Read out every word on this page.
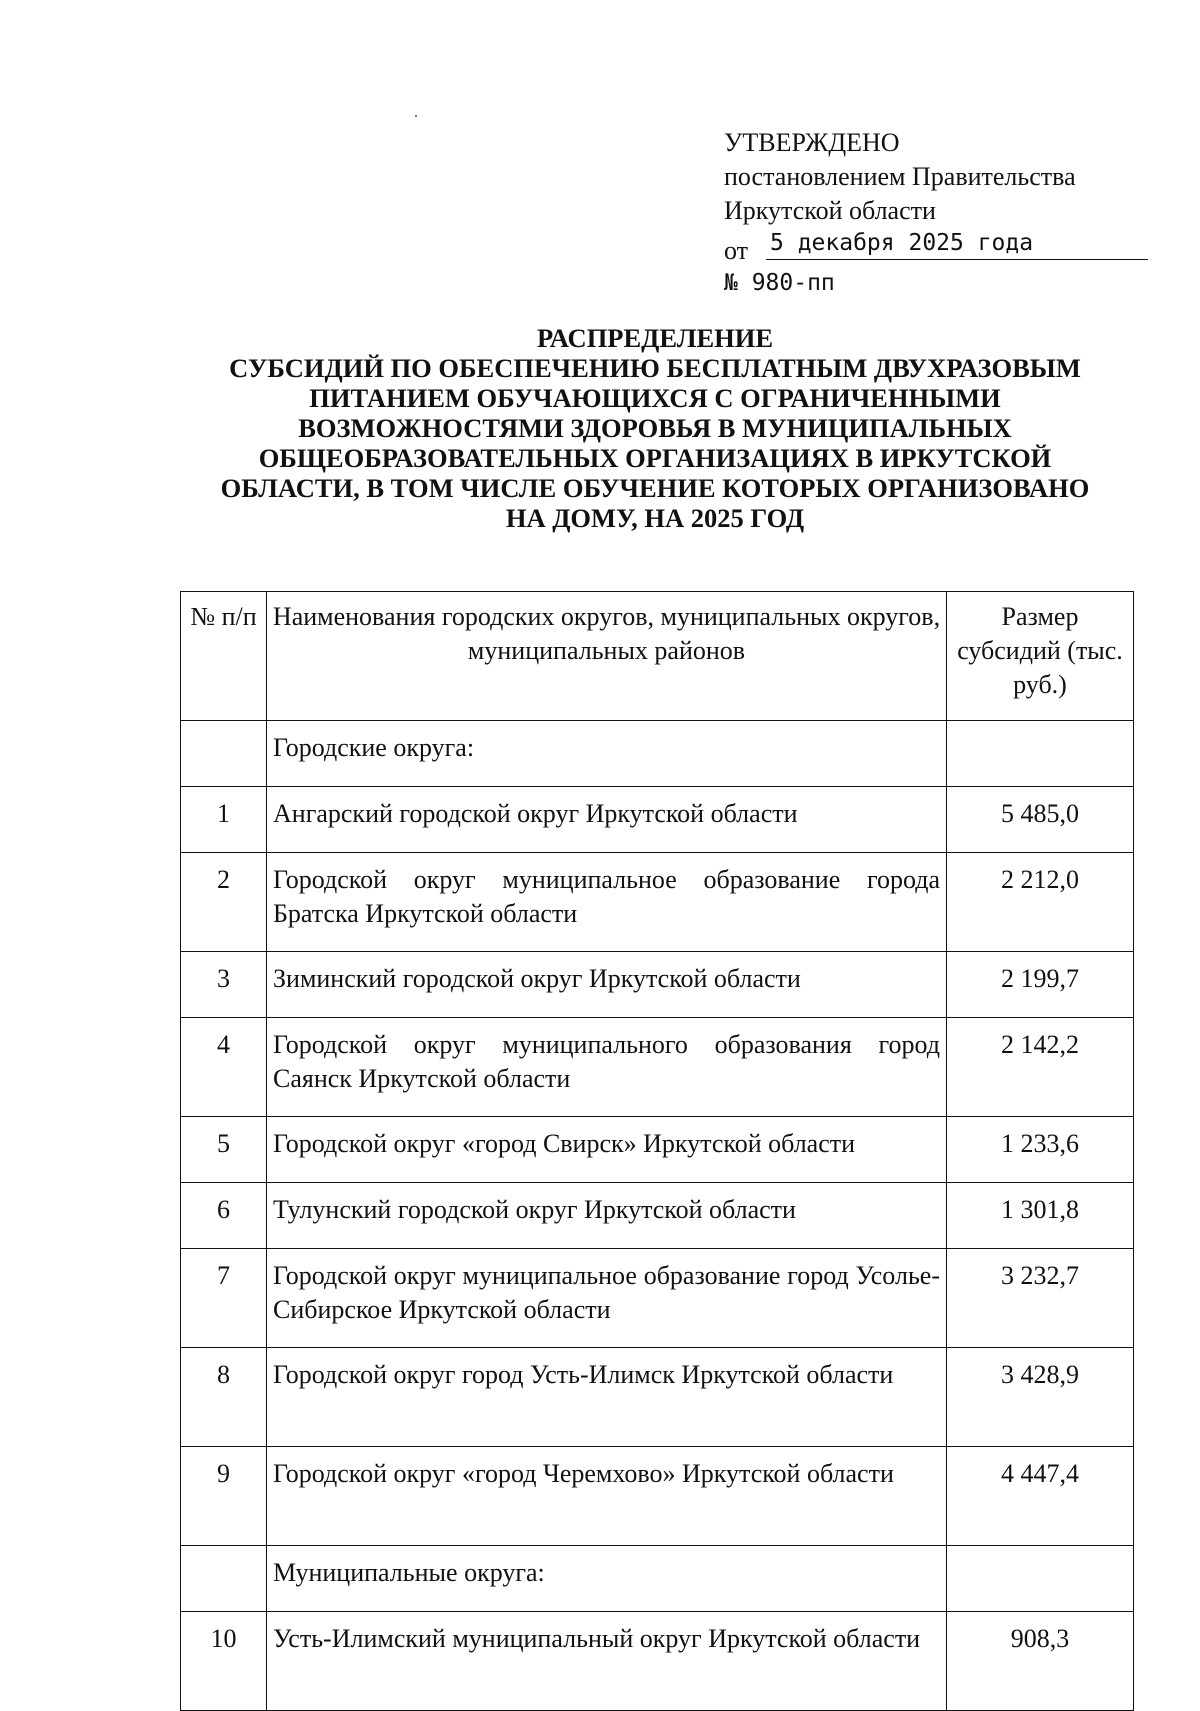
УТВЕРЖДЕНО
постановлением Правительства
Иркутской области
от 5 декабря 2025 года
№ 980-пп
РАСПРЕДЕЛЕНИЕ
СУБСИДИЙ ПО ОБЕСПЕЧЕНИЮ БЕСПЛАТНЫМ ДВУХРАЗОВЫМ
ПИТАНИЕМ ОБУЧАЮЩИХСЯ С ОГРАНИЧЕННЫМИ
ВОЗМОЖНОСТЯМИ ЗДОРОВЬЯ В МУНИЦИПАЛЬНЫХ
ОБЩЕОБРАЗОВАТЕЛЬНЫХ ОРГАНИЗАЦИЯХ В ИРКУТСКОЙ
ОБЛАСТИ, В ТОМ ЧИСЛЕ ОБУЧЕНИЕ КОТОРЫХ ОРГАНИЗОВАНО
НА ДОМУ, НА 2025 ГОД
№ п/п	Наименования городских округов, муниципальных округов, муниципальных районов	Размер субсидий (тыс. руб.)
	Городские округа:	
1	Ангарский городской округ Иркутской области	5 485,0
2	Городской округ муниципальное образование города Братска Иркутской области	2 212,0
3	Зиминский городской округ Иркутской области	2 199,7
4	Городской округ муниципального образования город Саянск Иркутской области	2 142,2
5	Городской округ «город Свирск» Иркутской области	1 233,6
6	Тулунский городской округ Иркутской области	1 301,8
7	Городской округ муниципальное образование город Усолье-Сибирское Иркутской области	3 232,7
8	Городской округ город Усть-Илимск Иркутской области	3 428,9
9	Городской округ «город Черемхово» Иркутской области	4 447,4
	Муниципальные округа:	
10	Усть-Илимский муниципальный округ Иркутской области	908,3
